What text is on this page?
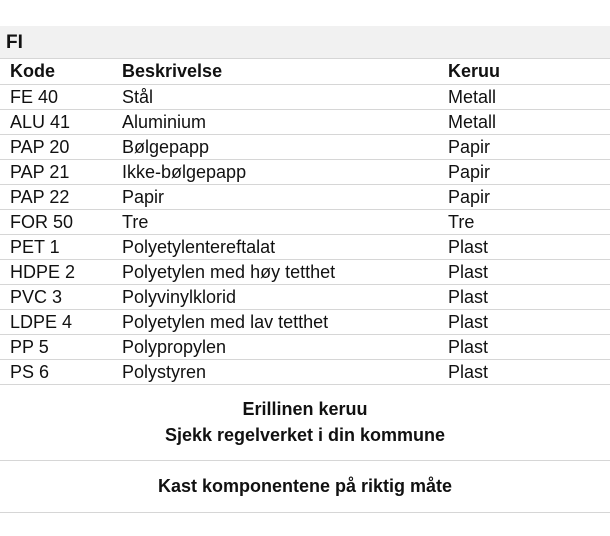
FI
Kode	Beskrivelse	Keruu
FE 40	Stål	Metall
ALU 41	Aluminium	Metall
PAP 20	Bølgepapp	Papir
PAP 21	Ikke-bølgepapp	Papir
PAP 22	Papir	Papir
FOR 50	Tre	Tre
PET 1	Polyetylentereftalat	Plast
HDPE 2	Polyetylen med høy tetthet	Plast
PVC 3	Polyvinylklorid	Plast
LDPE 4	Polyetylen med lav tetthet	Plast
PP 5	Polypropylen	Plast
PS 6	Polystyren	Plast
Erillinen keruu
Sjekk regelverket i din kommune
Kast komponentene på riktig måte
